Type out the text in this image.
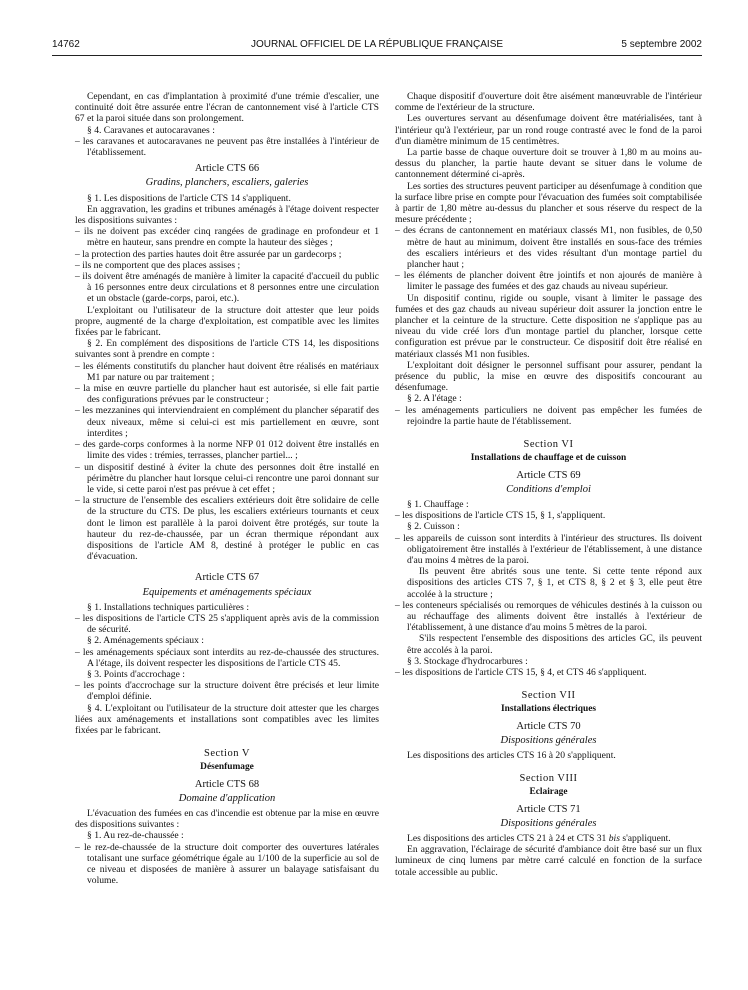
14762	JOURNAL OFFICIEL DE LA RÉPUBLIQUE FRANÇAISE	5 septembre 2002

Cependant, en cas d'implantation à proximité d'une trémie d'escalier, une continuité doit être assurée entre l'écran de cantonnement visé à l'article CTS 67 et la paroi située dans son prolongement.

§ 4. Caravanes et autocaravanes :

– les caravanes et autocaravanes ne peuvent pas être installées à l'intérieur de l'établissement.

Article CTS 66
Gradins, planchers, escaliers, galeries

§ 1. Les dispositions de l'article CTS 14 s'appliquent.

En aggravation, les gradins et tribunes aménagés à l'étage doivent respecter les dispositions suivantes :

– ils ne doivent pas excéder cinq rangées de gradinage en profondeur et 1 mètre en hauteur, sans prendre en compte la hauteur des sièges ;

– la protection des parties hautes doit être assurée par un gardecorps ;

– ils ne comportent que des places assises ;

– ils doivent être aménagés de manière à limiter la capacité d'accueil du public à 16 personnes entre deux circulations et 8 personnes entre une circulation et un obstacle (garde-corps, paroi, etc.).

L'exploitant ou l'utilisateur de la structure doit attester que leur poids propre, augmenté de la charge d'exploitation, est compatible avec les limites fixées par le fabricant.

§ 2. En complément des dispositions de l'article CTS 14, les dispositions suivantes sont à prendre en compte :

– les éléments constitutifs du plancher haut doivent être réalisés en matériaux M1 par nature ou par traitement ;

– la mise en œuvre partielle du plancher haut est autorisée, si elle fait partie des configurations prévues par le constructeur ;

– les mezzanines qui interviendraient en complément du plancher séparatif des deux niveaux, même si celui-ci est mis partiellement en œuvre, sont interdites ;

– des garde-corps conformes à la norme NFP 01 012 doivent être installés en limite des vides : trémies, terrasses, plancher partiel... ;

– un dispositif destiné à éviter la chute des personnes doit être installé en périmètre du plancher haut lorsque celui-ci rencontre une paroi donnant sur le vide, si cette paroi n'est pas prévue à cet effet ;

– la structure de l'ensemble des escaliers extérieurs doit être solidaire de celle de la structure du CTS. De plus, les escaliers extérieurs tournants et ceux dont le limon est parallèle à la paroi doivent être protégés, sur toute la hauteur du rez-de-chaussée, par un écran thermique répondant aux dispositions de l'article AM 8, destiné à protéger le public en cas d'évacuation.

Article CTS 67
Equipements et aménagements spéciaux

§ 1. Installations techniques particulières :

– les dispositions de l'article CTS 25 s'appliquent après avis de la commission de sécurité.

§ 2. Aménagements spéciaux :

– les aménagements spéciaux sont interdits au rez-de-chaussée des structures. A l'étage, ils doivent respecter les dispositions de l'article CTS 45.

§ 3. Points d'accrochage :

– les points d'accrochage sur la structure doivent être précisés et leur limite d'emploi définie.

§ 4. L'exploitant ou l'utilisateur de la structure doit attester que les charges liées aux aménagements et installations sont compatibles avec les limites fixées par le fabricant.

Section V
Désenfumage
Article CTS 68
Domaine d'application

L'évacuation des fumées en cas d'incendie est obtenue par la mise en œuvre des dispositions suivantes :

§ 1. Au rez-de-chaussée :

– le rez-de-chaussée de la structure doit comporter des ouvertures latérales totalisant une surface géométrique égale au 1/100 de la superficie au sol de ce niveau et disposées de manière à assurer un balayage satisfaisant du volume.

Chaque dispositif d'ouverture doit être aisément manœuvrable de l'intérieur comme de l'extérieur de la structure.

Les ouvertures servant au désenfumage doivent être matérialisées, tant à l'intérieur qu'à l'extérieur, par un rond rouge contrasté avec le fond de la paroi d'un diamètre minimum de 15 centimètres.

La partie basse de chaque ouverture doit se trouver à 1,80 m au moins au-dessus du plancher, la partie haute devant se situer dans le volume de cantonnement déterminé ci-après.

Les sorties des structures peuvent participer au désenfumage à condition que la surface libre prise en compte pour l'évacuation des fumées soit comptabilisée à partir de 1,80 mètre au-dessus du plancher et sous réserve du respect de la mesure précédente ;

– des écrans de cantonnement en matériaux classés M1, non fusibles, de 0,50 mètre de haut au minimum, doivent être installés en sous-face des trémies des escaliers intérieurs et des vides résultant d'un montage partiel du plancher haut ;

– les éléments de plancher doivent être jointifs et non ajourés de manière à limiter le passage des fumées et des gaz chauds au niveau supérieur.

Un dispositif continu, rigide ou souple, visant à limiter le passage des fumées et des gaz chauds au niveau supérieur doit assurer la jonction entre le plancher et la ceinture de la structure. Cette disposition ne s'applique pas au niveau du vide créé lors d'un montage partiel du plancher, lorsque cette configuration est prévue par le constructeur. Ce dispositif doit être réalisé en matériaux classés M1 non fusibles.

L'exploitant doit désigner le personnel suffisant pour assurer, pendant la présence du public, la mise en œuvre des dispositifs concourant au désenfumage.

§ 2. A l'étage :

– les aménagements particuliers ne doivent pas empêcher les fumées de rejoindre la partie haute de l'établissement.

Section VI
Installations de chauffage et de cuisson
Article CTS 69
Conditions d'emploi

§ 1. Chauffage :

– les dispositions de l'article CTS 15, § 1, s'appliquent.

§ 2. Cuisson :

– les appareils de cuisson sont interdits à l'intérieur des structures. Ils doivent obligatoirement être installés à l'extérieur de l'établissement, à une distance d'au moins 4 mètres de la paroi.

Ils peuvent être abrités sous une tente. Si cette tente répond aux dispositions des articles CTS 7, § 1, et CTS 8, § 2 et § 3, elle peut être accolée à la structure ;

– les conteneurs spécialisés ou remorques de véhicules destinés à la cuisson ou au réchauffage des aliments doivent être installés à l'extérieur de l'établissement, à une distance d'au moins 5 mètres de la paroi.

S'ils respectent l'ensemble des dispositions des articles GC, ils peuvent être accolés à la paroi.

§ 3. Stockage d'hydrocarbures :

– les dispositions de l'article CTS 15, § 4, et CTS 46 s'appliquent.

Section VII
Installations électriques
Article CTS 70
Dispositions générales

Les dispositions des articles CTS 16 à 20 s'appliquent.

Section VIII
Eclairage
Article CTS 71
Dispositions générales

Les dispositions des articles CTS 21 à 24 et CTS 31 bis s'appliquent.

En aggravation, l'éclairage de sécurité d'ambiance doit être basé sur un flux lumineux de cinq lumens par mètre carré calculé en fonction de la surface totale accessible au public.
